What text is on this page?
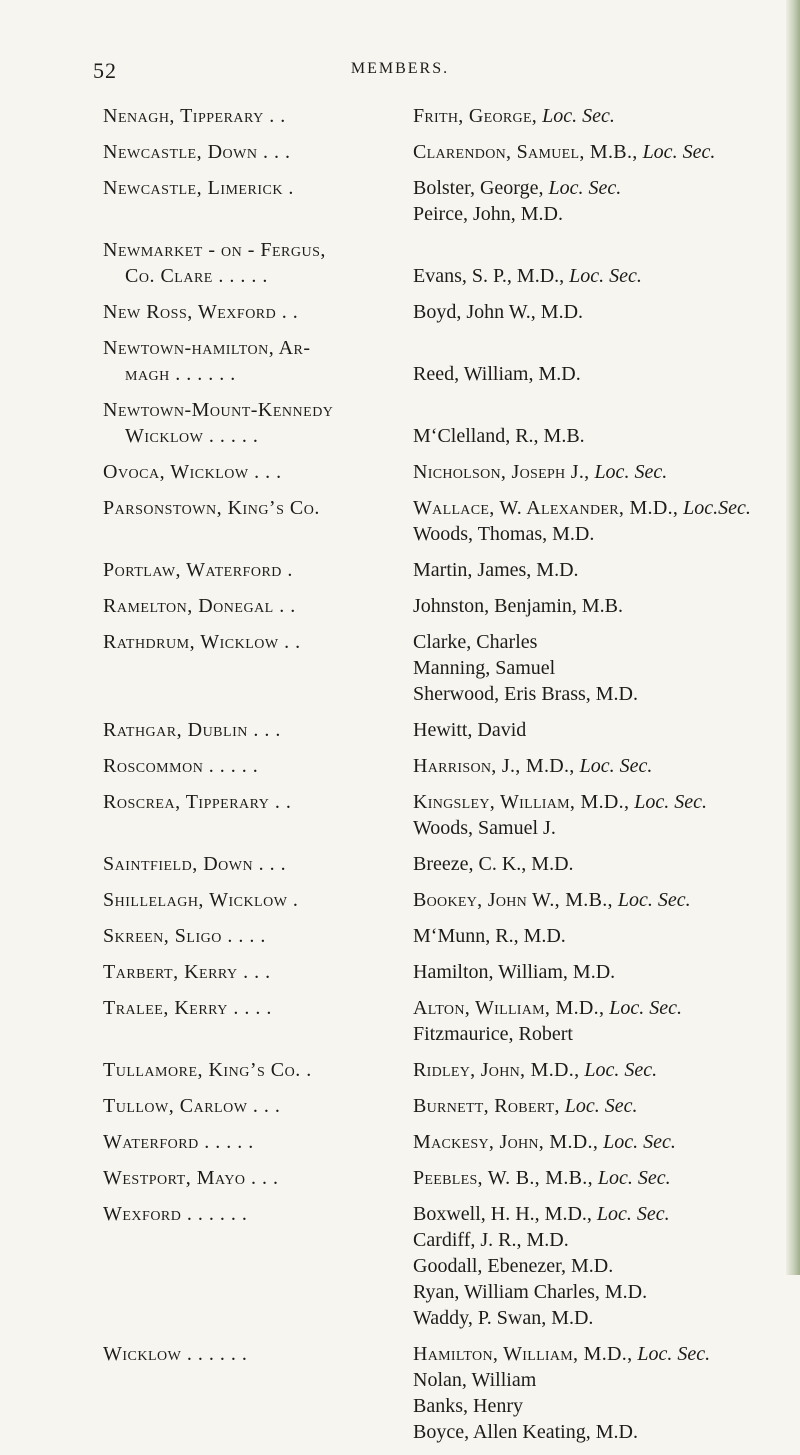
52	MEMBERS.
Nenagh, Tipperary . .	Frith, George, Loc. Sec.
Newcastle, Down . . .	Clarendon, Samuel, M.B., Loc. Sec.
Newcastle, Limerick .	Bolster, George, Loc. Sec.
Peirce, John, M.D.
Newmarket - on - Fergus,
Co. Clare . . . . .	Evans, S. P., M.D., Loc. Sec.
New Ross, Wexford . .	Boyd, John W., M.D.
Newtown-hamilton, Ar-
magh . . . . . .	Reed, William, M.D.
Newtown-Mount-Kennedy
Wicklow . . . . .	M‘Clelland, R., M.B.
Ovoca, Wicklow . . .	Nicholson, Joseph J., Loc. Sec.
Parsonstown, King’s Co.	Wallace, W. Alexander, M.D., Loc.Sec.
Woods, Thomas, M.D.
Portlaw, Waterford .	Martin, James, M.D.
Ramelton, Donegal . .	Johnston, Benjamin, M.B.
Rathdrum, Wicklow . .	Clarke, Charles
Manning, Samuel
Sherwood, Eris Brass, M.D.
Rathgar, Dublin . . .	Hewitt, David
Roscommon . . . . .	Harrison, J., M.D., Loc. Sec.
Roscrea, Tipperary . .	Kingsley, William, M.D., Loc. Sec.
Woods, Samuel J.
Saintfield, Down . . .	Breeze, C. K., M.D.
Shillelagh, Wicklow .	Bookey, John W., M.B., Loc. Sec.
Skreen, Sligo . . . .	M‘Munn, R., M.D.
Tarbert, Kerry . . .	Hamilton, William, M.D.
Tralee, Kerry . . . .	Alton, William, M.D., Loc. Sec.
Fitzmaurice, Robert
Tullamore, King’s Co. .	Ridley, John, M.D., Loc. Sec.
Tullow, Carlow . . .	Burnett, Robert, Loc. Sec.
Waterford . . . . .	Mackesy, John, M.D., Loc. Sec.
Westport, Mayo . . .	Peebles, W. B., M.B., Loc. Sec.
Wexford . . . . . .	Boxwell, H. H., M.D., Loc. Sec.
Cardiff, J. R., M.D.
Goodall, Ebenezer, M.D.
Ryan, William Charles, M.D.
Waddy, P. Swan, M.D.
Wicklow . . . . . .	Hamilton, William, M.D., Loc. Sec.
Nolan, William
Banks, Henry
Boyce, Allen Keating, M.D.
